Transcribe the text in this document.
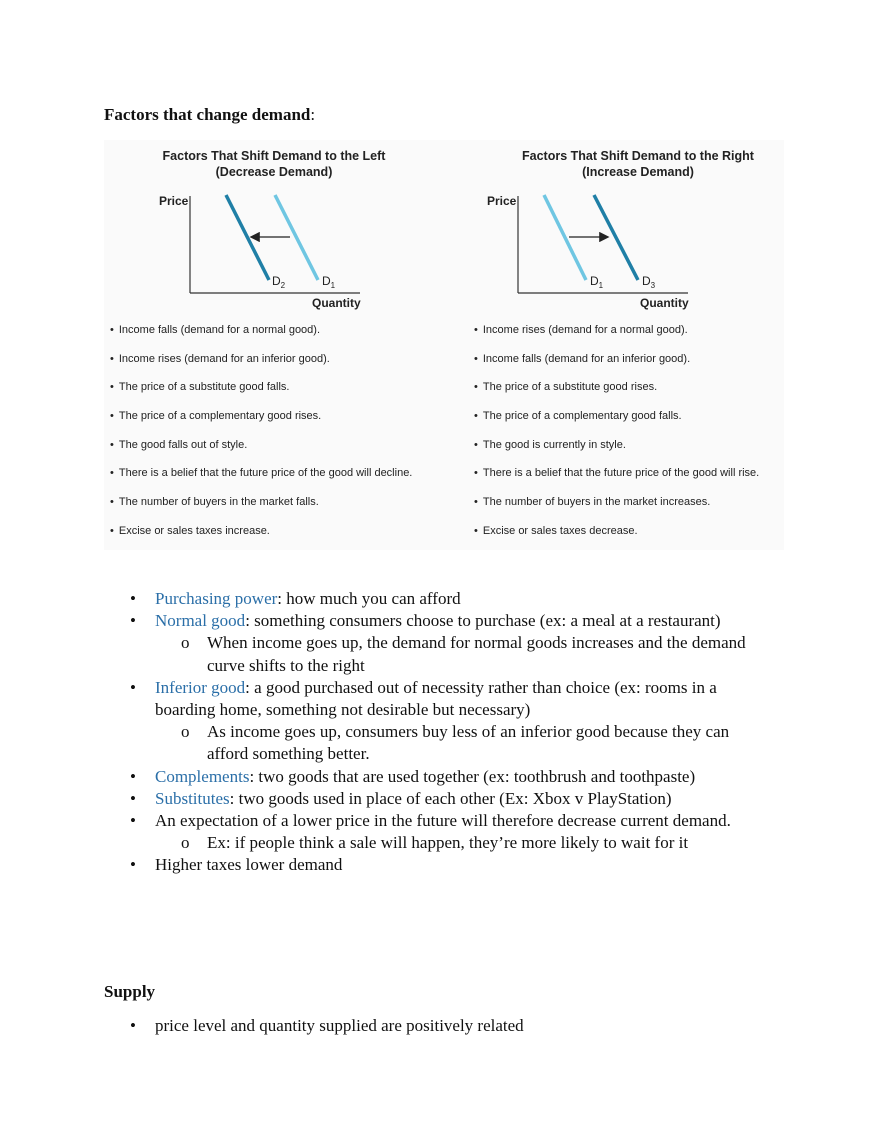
Factors that change demand:
Factors That Shift Demand to the Left
(Decrease Demand)
Price
Quantity
$D_2$	$D_1$
• Income falls (demand for a normal good).
• Income rises (demand for an inferior good).
• The price of a substitute good falls.
• The price of a complementary good rises.
• The good falls out of style.
• There is a belief that the future price of the good will decline.
• The number of buyers in the market falls.
• Excise or sales taxes increase.
Factors That Shift Demand to the Right
(Increase Demand)
Price
Quantity
$D_1$	$D_3$
• Income rises (demand for a normal good).
• Income falls (demand for an inferior good).
• The price of a substitute good rises.
• The price of a complementary good falls.
• The good is currently in style.
• There is a belief that the future price of the good will rise.
• The number of buyers in the market increases.
• Excise or sales taxes decrease.
• Purchasing power: how much you can afford
• Normal good: something consumers choose to purchase (ex: a meal at a restaurant)
o When income goes up, the demand for normal goods increases and the demand curve shifts to the right
• Inferior good: a good purchased out of necessity rather than choice (ex: rooms in a boarding home, something not desirable but necessary)
o As income goes up, consumers buy less of an inferior good because they can afford something better.
• Complements: two goods that are used together (ex: toothbrush and toothpaste)
• Substitutes: two goods used in place of each other (Ex: Xbox v PlayStation)
• An expectation of a lower price in the future will therefore decrease current demand.
o Ex: if people think a sale will happen, they’re more likely to wait for it
• Higher taxes lower demand
Supply
• price level and quantity supplied are positively related
